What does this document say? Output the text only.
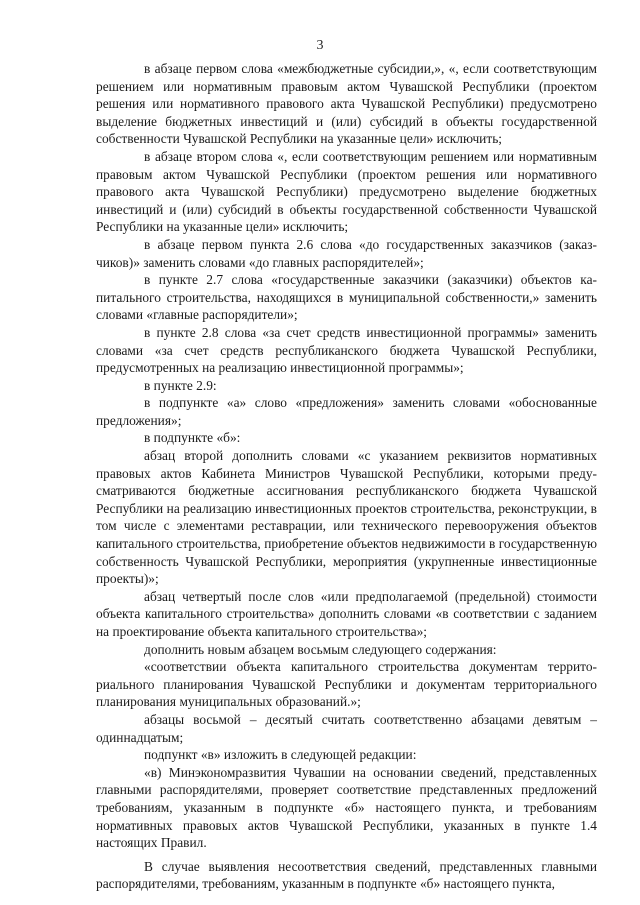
3

в абзаце первом слова «межбюджетные субсидии,», «, если соответствующим решением или нормативным правовым актом Чувашской Республики (проектом решения или нормативного правового акта Чувашской Республики) предусмотрено выделение бюджетных инвестиций и (или) субсидий в объекты государственной собственности Чувашской Республики на указанные цели» исключить;

в абзаце втором слова «, если соответствующим решением или нормативным правовым актом Чувашской Республики (проектом решения или нормативного правового акта Чувашской Республики) предусмотрено выделение бюджетных инвестиций и (или) субсидий в объекты государственной собственности Чувашской Республики на указанные цели» исключить;

в абзаце первом пункта 2.6 слова «до государственных заказчиков (заказчиков)» заменить словами «до главных распорядителей»;

в пункте 2.7 слова «государственные заказчики (заказчики) объектов капитального строительства, находящихся в муниципальной собственности,» заменить словами «главные распорядители»;

в пункте 2.8 слова «за счет средств инвестиционной программы» заменить словами «за счет средств республиканского бюджета Чувашской Республики, предусмотренных на реализацию инвестиционной программы»;

в пункте 2.9:

в подпункте «а» слово «предложения» заменить словами «обоснованные предложения»;

в подпункте «б»:

абзац второй дополнить словами «с указанием реквизитов нормативных правовых актов Кабинета Министров Чувашской Республики, которыми предусматриваются бюджетные ассигнования республиканского бюджета Чувашской Республики на реализацию инвестиционных проектов строительства, реконструкции, в том числе с элементами реставрации, или технического перевооружения объектов капитального строительства, приобретение объектов недвижимости в государственную собственность Чувашской Республики, мероприятия (укрупненные инвестиционные проекты)»;

абзац четвертый после слов «или предполагаемой (предельной) стоимости объекта капитального строительства» дополнить словами «в соответствии с заданием на проектирование объекта капитального строительства»;

дополнить новым абзацем восьмым следующего содержания:

«соответствии объекта капитального строительства документам территориального планирования Чувашской Республики и документам территориального планирования муниципальных образований.»;

абзацы восьмой – десятый считать соответственно абзацами девятым – одиннадцатым;

подпункт «в» изложить в следующей редакции:

«в) Минэкономразвития Чувашии на основании сведений, представленных главными распорядителями, проверяет соответствие представленных предложений требованиям, указанным в подпункте «б» настоящего пункта, и требованиям нормативных правовых актов Чувашской Республики, указанных в пункте 1.4 настоящих Правил.

В случае выявления несоответствия сведений, представленных главными распорядителями, требованиям, указанным в подпункте «б» настоящего пункта,
